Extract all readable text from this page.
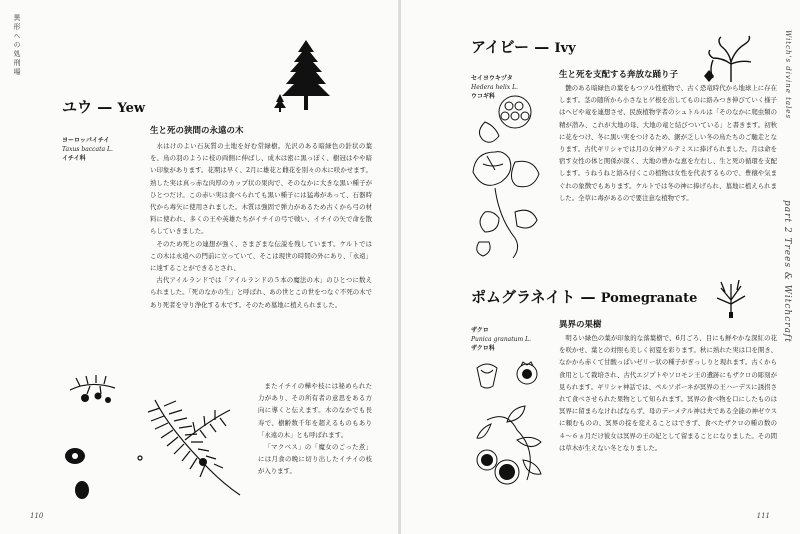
異形への処刑場
ユウ — Yew
ヨーロッパイチイ
Taxus baccata L.
イチイ科
生と死の狭間の永遠の木

水はけのよい石灰質の土地を好む常緑樹。光沢のある暗緑色の針状の葉を、鳥の羽のように枝の両側に伸ばし、成木は密に黒っぽく、樹冠はやや暗い印象があります。花期は早く、2月に雄花と雌花を別々の木に咲かせます。熟した実は真っ赤な肉厚のカップ状の果肉で、そのなかに大きな黒い種子がひとつだけ。この赤い実は食べられても黒い種子には猛毒があって、石器時代から毒矢に使用されました。木質は強固で弾力があるため古くから弓の材料に使われ、多くの王や英雄たちがイチイの弓で戦い、イチイの矢で命を散らしていきました。

そのため死との連想が強く、さまざまな伝説を残しています。ケルトではこの木は永遠への門前に立っていて、そこは現世の時間の外にあり、「永遠」に達することができるとされ、

古代アイルランドでは「アイルランドの５本の魔法の木」のひとつに数えられました。「死のなかの生」と呼ばれ、あの世とこの世をつなぐ不死の木であり死者を守り浄化する木です。そのため墓地に植えられました。

またイチイの樺や枝には秘められた力があり、その所有者の意思をある方向に導くと伝えます。木のなかでも長寿で、樹齢数千年を超えるものもあり「永遠の木」とも呼ばれます。

「マクベス」の「魔女のごった煮」には月食の晩に切り出したイチイの枝が入ります。

110
Witch's divine tales
part 2 Trees & Witchcraft
アイビー — Ivy
生と死を支配する奔放な踊り子
セイヨウキヅタ
Hedera helix L.
ウコギ科

艶のある暗緑色の葉をもつツル性植物で、古く恐竜時代から地球上に存在します。茎の随所から小さなヒゲ根を出してものに絡みつき伸びていく様子はヘビや竜を連想させ、民族植物学者のシュトルルは「そのなかに爬虫類の精が潜み、これが大地の母、大地の竜と結びついている」と書きます。初秋に花をつけ、冬に黒い実をつけるため、鋸が乏しい冬の鳥たちのご馳走となります。古代ギリシャでは月の女神アルテミスに捧げられました。月は命を宿す女性の体と関係が深く、大地の豊かな恵を左右し、生と死の循環を支配します。うねうねと絡み付くこの植物は女性を代表するもので、豊穣や気まぐれの象徴でもあります。ケルトでは冬の神に捧げられ、墓地に植えられました。全草に毒があるので要注意な植物です。

ポムグラネイト — Pomegranate
異界の果樹
ザクロ
Punica granatum L.
ザクロ科

明るい緑色の葉が印象的な落葉樹で、6月ごろ、目にも鮮やかな深紅の花を咲かせ、葉との対照も美しく初夏を彩ります。秋に熟れた実は口を開き、なかから赤くて甘酸っぱいゼリー状の種子がぎっしりと現れます。古くから食用として栽培され、古代エジプトやソロモン王の遺跡にもザクロの彫刻が見られます。ギリシャ神話では、ペルソポーネが冥界の王ハーデスに誘拐されて食べさせられた果物として知られます。冥界の食べ物を口にしたものは冥界に留まらなければならず、母のデーメテル神は夫である全能の神ゼウスに頼むものの、冥界の掟を変えることはできず、食べたザクロの種の数の４〜６ヵ月だけ彼女は冥界の王の妃として留まることになりました。その間は草木が生えない冬となりました。

111
